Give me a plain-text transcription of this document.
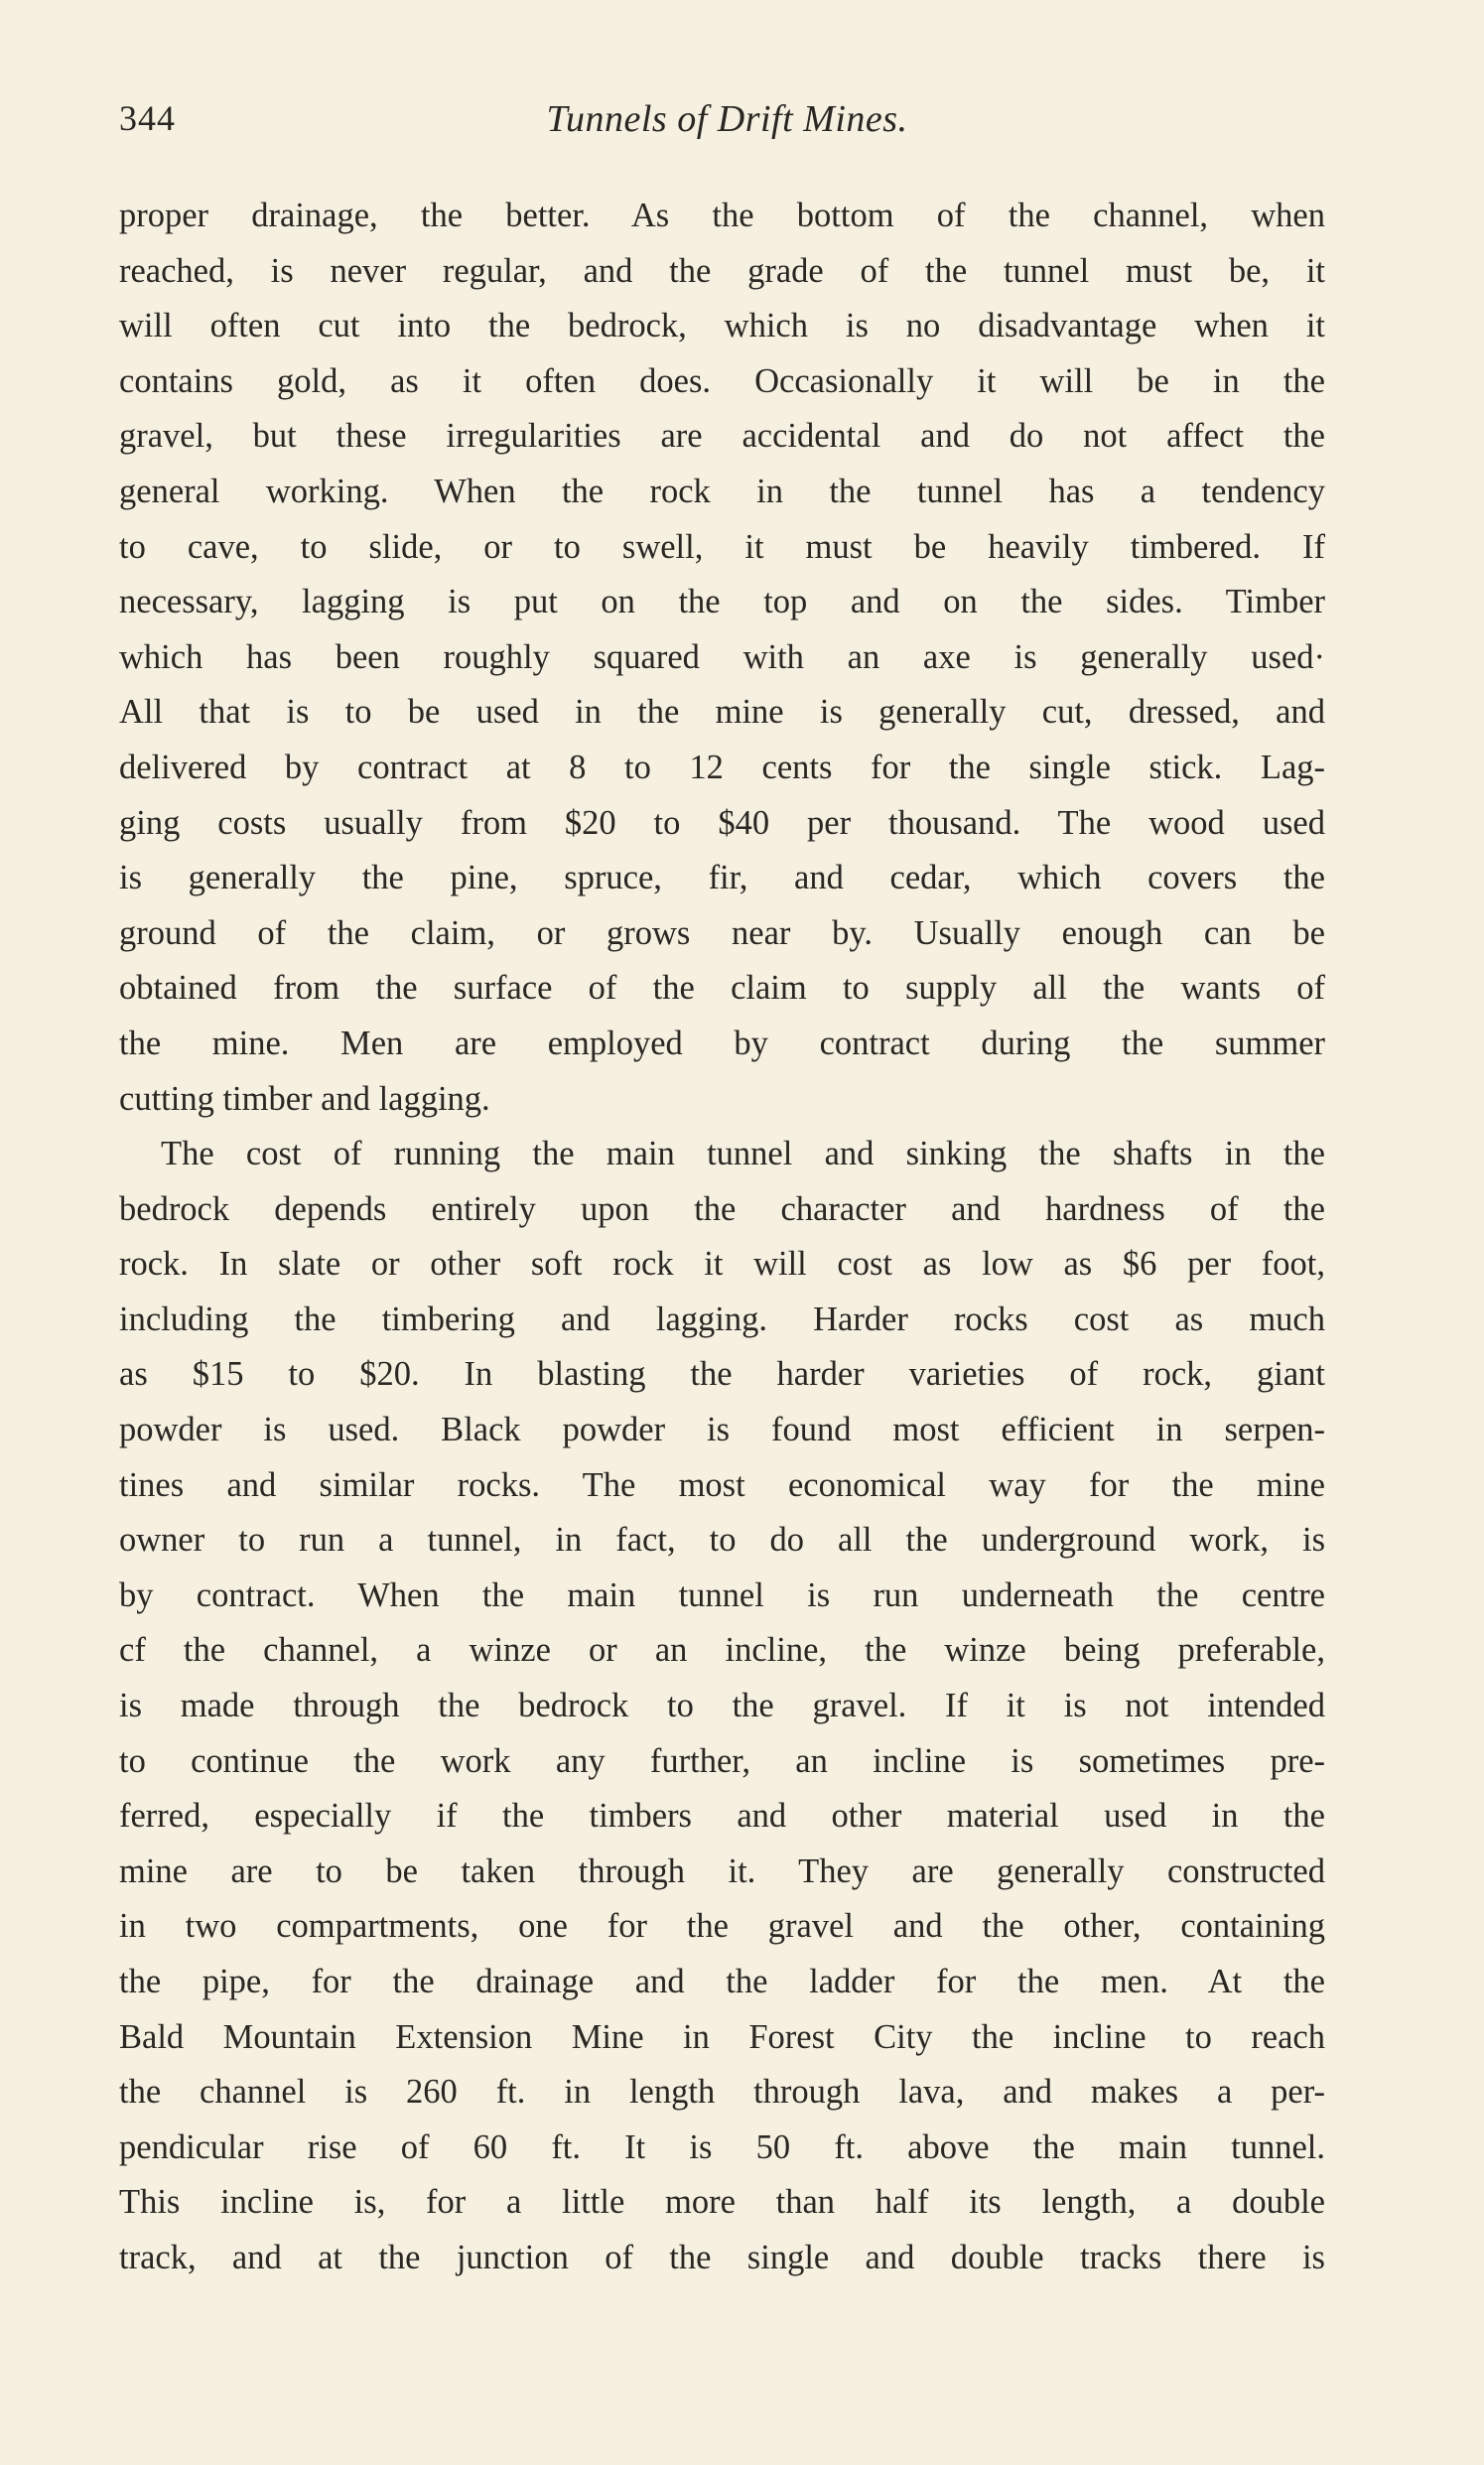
344	Tunnels of Drift Mines.
proper drainage, the better. As the bottom of the channel, when
reached, is never regular, and the grade of the tunnel must be, it
will often cut into the bedrock, which is no disadvantage when it
contains gold, as it often does. Occasionally it will be in the
gravel, but these irregularities are accidental and do not affect the
general working. When the rock in the tunnel has a tendency
to cave, to slide, or to swell, it must be heavily timbered. If
necessary, lagging is put on the top and on the sides. Timber
which has been roughly squared with an axe is generally used·
All that is to be used in the mine is generally cut, dressed, and
delivered by contract at 8 to 12 cents for the single stick. Lag-
ging costs usually from $20 to $40 per thousand. The wood used
is generally the pine, spruce, fir, and cedar, which covers the
ground of the claim, or grows near by. Usually enough can be
obtained from the surface of the claim to supply all the wants of
the mine. Men are employed by contract during the summer
cutting timber and lagging.
The cost of running the main tunnel and sinking the shafts in the
bedrock depends entirely upon the character and hardness of the
rock. In slate or other soft rock it will cost as low as $6 per foot,
including the timbering and lagging. Harder rocks cost as much
as $15 to $20. In blasting the harder varieties of rock, giant
powder is used. Black powder is found most efficient in serpen-
tines and similar rocks. The most economical way for the mine
owner to run a tunnel, in fact, to do all the underground work, is
by contract. When the main tunnel is run underneath the centre
cf the channel, a winze or an incline, the winze being preferable,
is made through the bedrock to the gravel. If it is not intended
to continue the work any further, an incline is sometimes pre-
ferred, especially if the timbers and other material used in the
mine are to be taken through it. They are generally constructed
in two compartments, one for the gravel and the other, containing
the pipe, for the drainage and the ladder for the men. At the
Bald Mountain Extension Mine in Forest City the incline to reach
the channel is 260 ft. in length through lava, and makes a per-
pendicular rise of 60 ft. It is 50 ft. above the main tunnel.
This incline is, for a little more than half its length, a double
track, and at the junction of the single and double tracks there is
